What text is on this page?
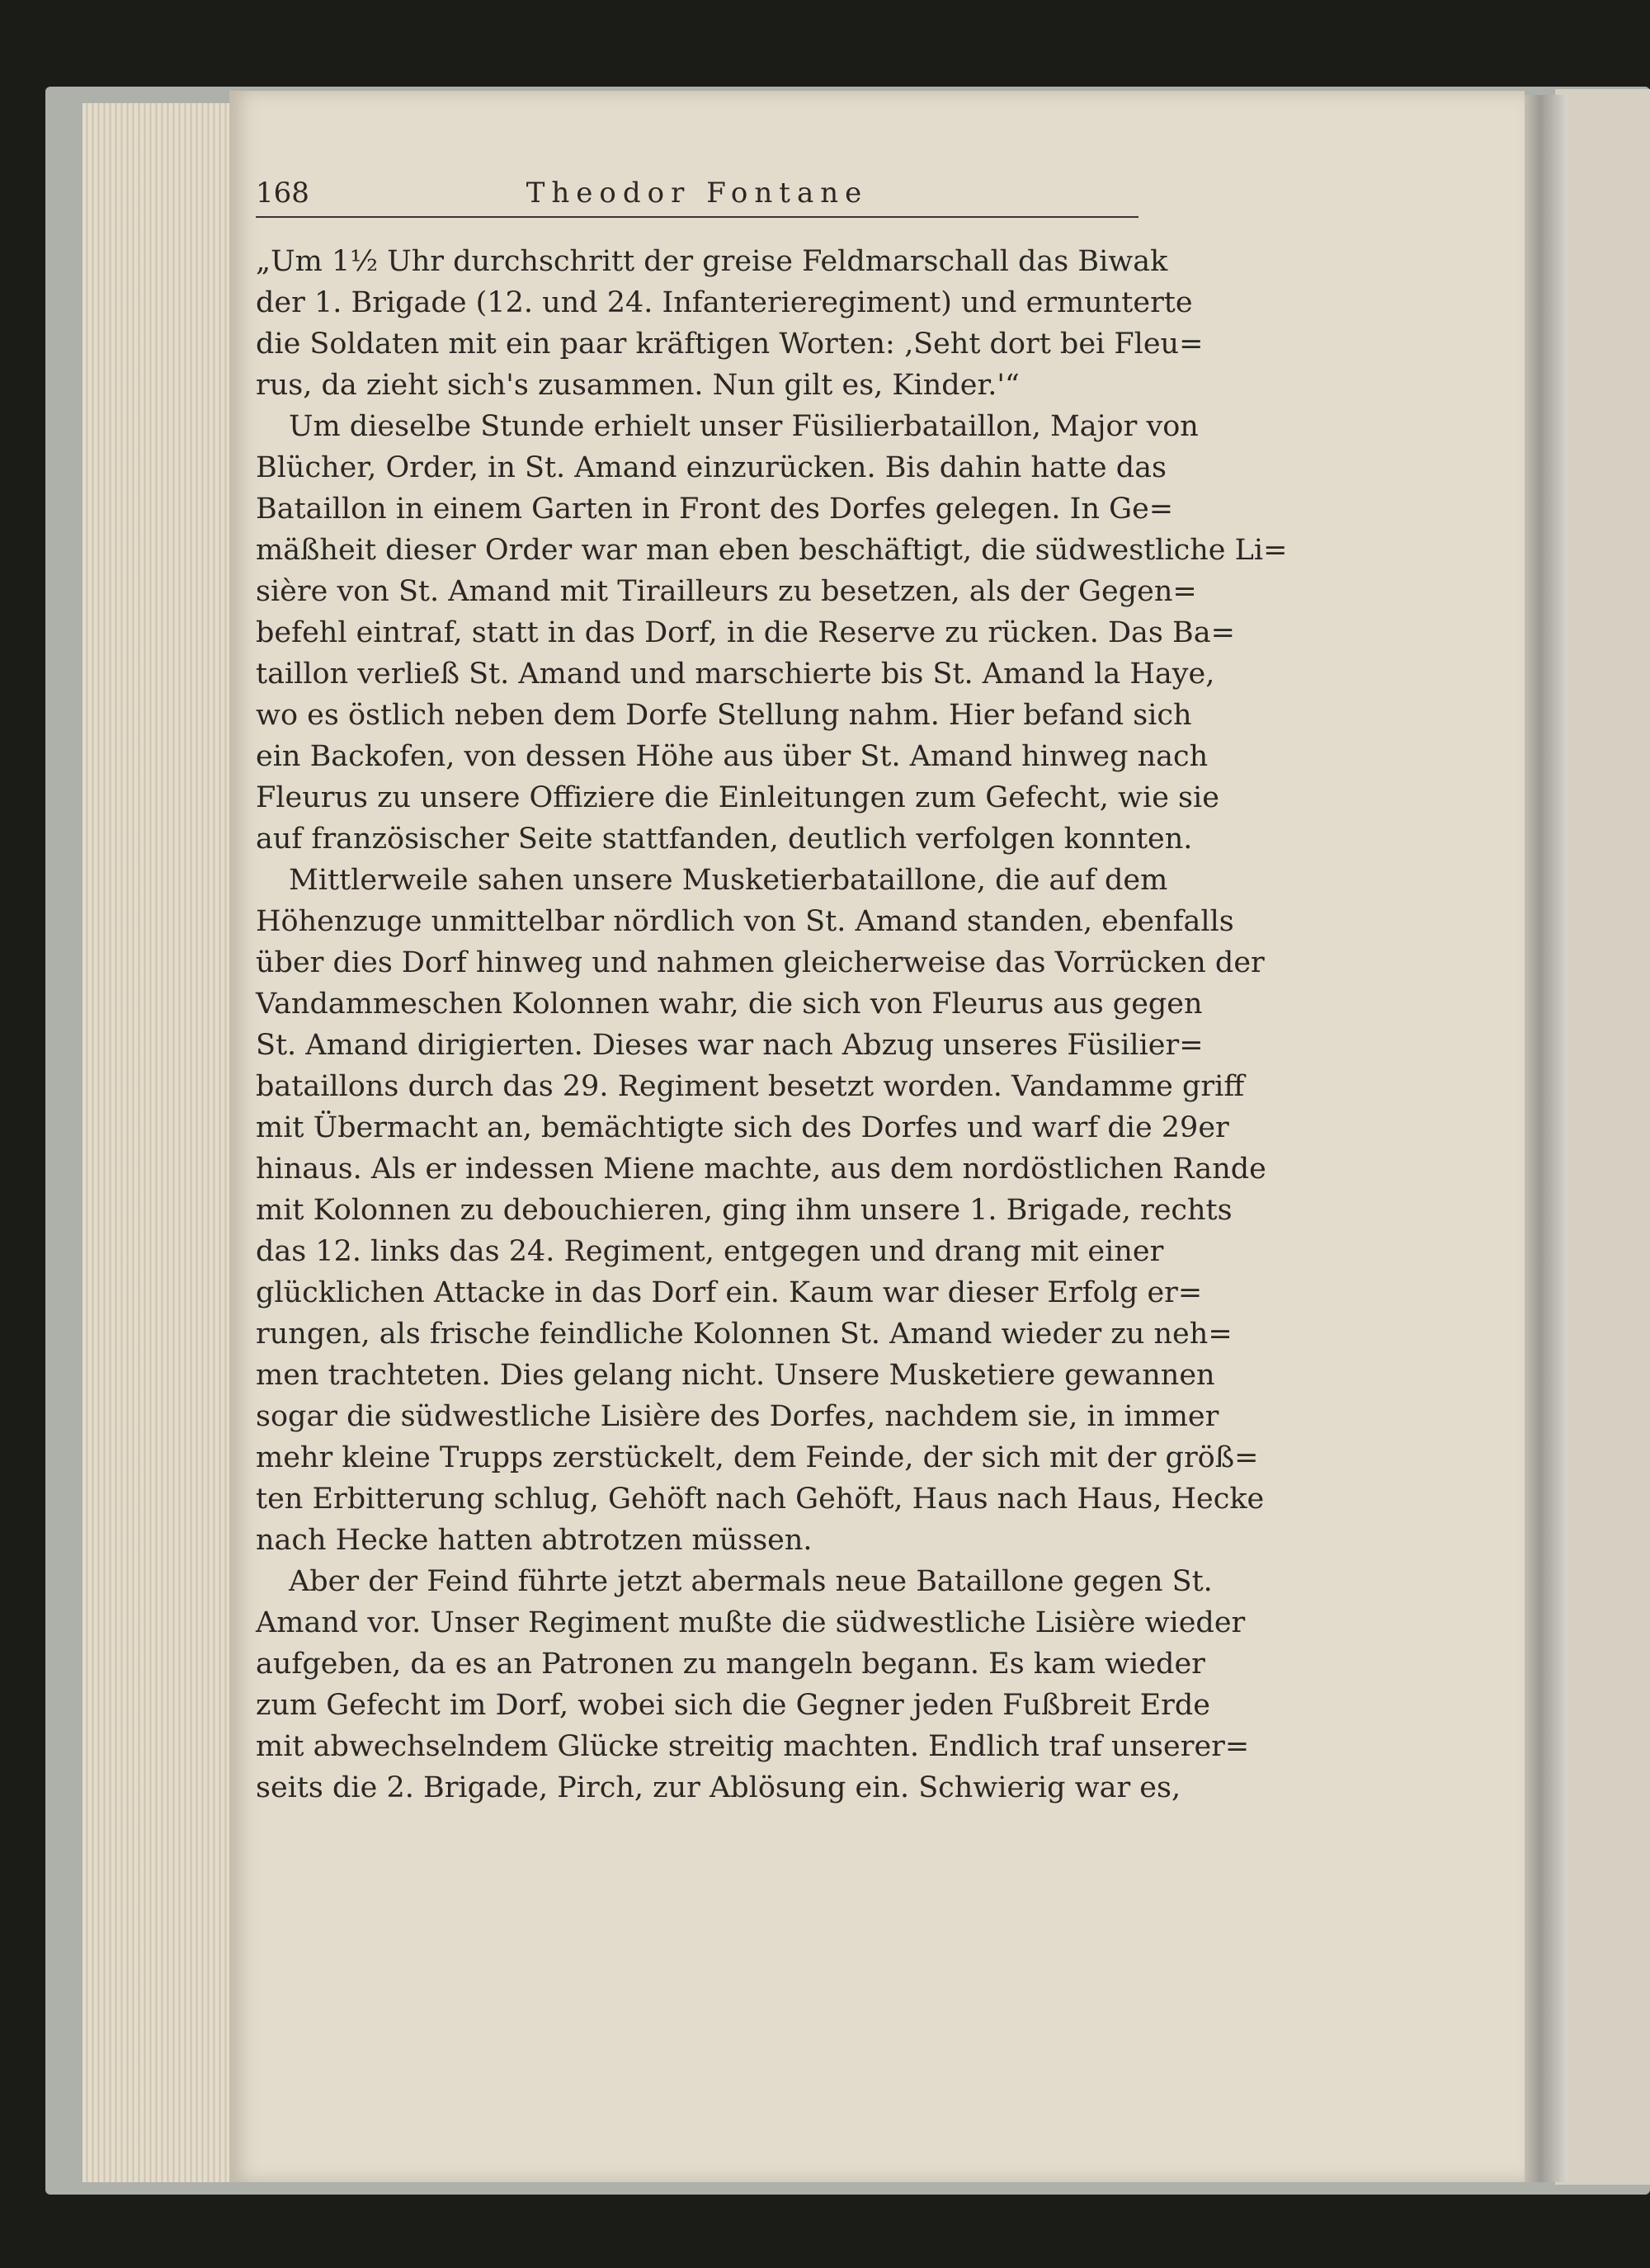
168	Theodor Fontane
„Um 1½ Uhr durchschritt der greise Feldmarschall das Biwak
der 1. Brigade (12. und 24. Infanterieregiment) und ermunterte
die Soldaten mit ein paar kräftigen Worten: ‚Seht dort bei Fleu=
rus, da zieht sich's zusammen. Nun gilt es, Kinder.'“
Um dieselbe Stunde erhielt unser Füsilierbataillon, Major von
Blücher, Order, in St. Amand einzurücken. Bis dahin hatte das
Bataillon in einem Garten in Front des Dorfes gelegen. In Ge=
mäßheit dieser Order war man eben beschäftigt, die südwestliche Li=
sière von St. Amand mit Tirailleurs zu besetzen, als der Gegen=
befehl eintraf, statt in das Dorf, in die Reserve zu rücken. Das Ba=
taillon verließ St. Amand und marschierte bis St. Amand la Haye,
wo es östlich neben dem Dorfe Stellung nahm. Hier befand sich
ein Backofen, von dessen Höhe aus über St. Amand hinweg nach
Fleurus zu unsere Offiziere die Einleitungen zum Gefecht, wie sie
auf französischer Seite stattfanden, deutlich verfolgen konnten.
Mittlerweile sahen unsere Musketierbataillone, die auf dem
Höhenzuge unmittelbar nördlich von St. Amand standen, ebenfalls
über dies Dorf hinweg und nahmen gleicherweise das Vorrücken der
Vandammeschen Kolonnen wahr, die sich von Fleurus aus gegen
St. Amand dirigierten. Dieses war nach Abzug unseres Füsilier=
bataillons durch das 29. Regiment besetzt worden. Vandamme griff
mit Übermacht an, bemächtigte sich des Dorfes und warf die 29er
hinaus. Als er indessen Miene machte, aus dem nordöstlichen Rande
mit Kolonnen zu debouchieren, ging ihm unsere 1. Brigade, rechts
das 12. links das 24. Regiment, entgegen und drang mit einer
glücklichen Attacke in das Dorf ein. Kaum war dieser Erfolg er=
rungen, als frische feindliche Kolonnen St. Amand wieder zu neh=
men trachteten. Dies gelang nicht. Unsere Musketiere gewannen
sogar die südwestliche Lisière des Dorfes, nachdem sie, in immer
mehr kleine Trupps zerstückelt, dem Feinde, der sich mit der größ=
ten Erbitterung schlug, Gehöft nach Gehöft, Haus nach Haus, Hecke
nach Hecke hatten abtrotzen müssen.
Aber der Feind führte jetzt abermals neue Bataillone gegen St.
Amand vor. Unser Regiment mußte die südwestliche Lisière wieder
aufgeben, da es an Patronen zu mangeln begann. Es kam wieder
zum Gefecht im Dorf, wobei sich die Gegner jeden Fußbreit Erde
mit abwechselndem Glücke streitig machten. Endlich traf unserer=
seits die 2. Brigade, Pirch, zur Ablösung ein. Schwierig war es,
